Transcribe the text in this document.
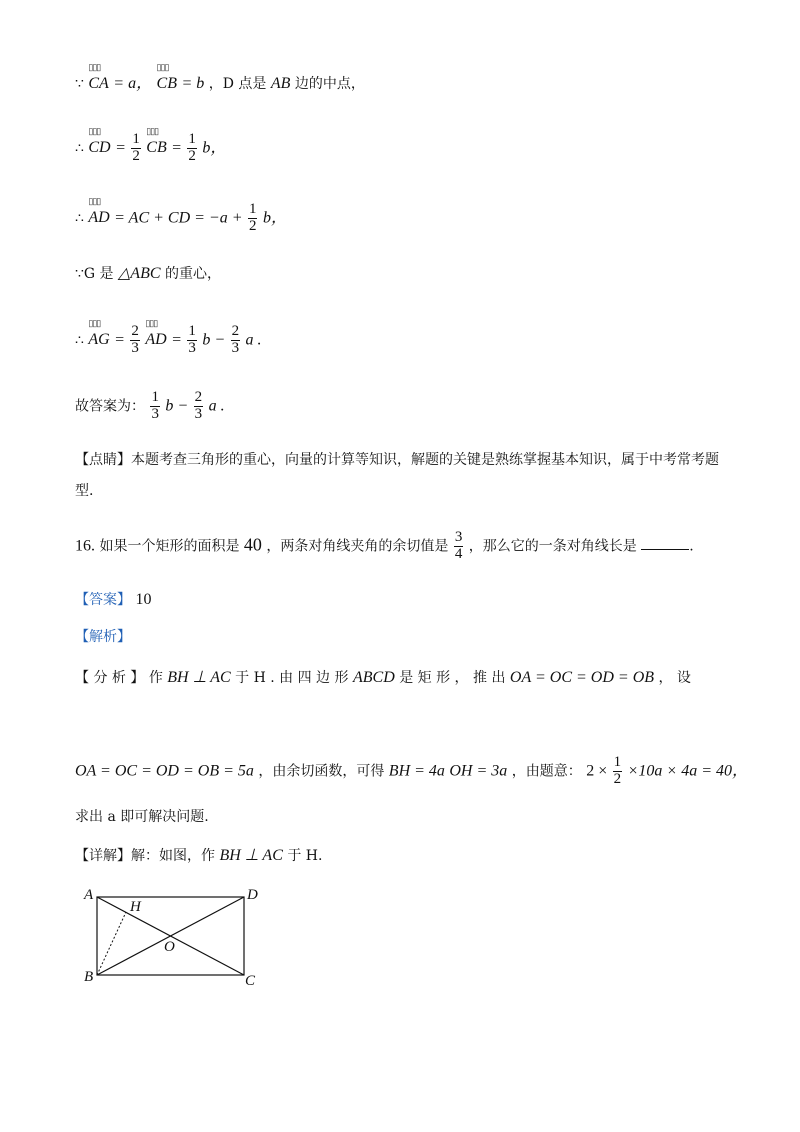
∵ ▯▯▯ CA = a， ▯▯▯ CB = b ，D 点是 AB 边的中点，
∴ ▯▯▯ CD = $\frac{1}{2}$ ▯▯▯ CB = $\frac{1}{2}$ b，
∴ ▯▯▯ AD = AC + CD = $-a + \frac{1}{2}$ b，
∵G 是 △ABC 的重心，
∴ ▯▯▯ AG = $\frac{2}{3}$ ▯▯▯ AD = $\frac{1}{3}$ $b - \frac{2}{3}$ a .
故答案为： $\frac{1}{3}$ $b - \frac{2}{3}$ a .
【点睛】本题考查三角形的重心，向量的计算等知识，解题的关键是熟练掌握基本知识，属于中考常考题
型.
16. 如果一个矩形的面积是 40 ，两条对角线夹角的余切值是 $\frac{3}{4}$ ，那么它的一条对角线长是	.
【答案】 10
【解析】
【 分 析 】 作 BH ⊥ AC 于 H . 由 四 边 形 ABCD 是 矩 形 ， 推 出 OA = OC = OD = OB ， 设
OA = OC = OD = OB = 5a ，由余切函数，可得 BH = 4a OH = 3a ，由题意： $2 \times \frac{1}{2} \times 10a \times 4a = 40$，
求出 a 即可解决问题.
【详解】解：如图，作 BH ⊥ AC 于 H.
A	D
B	C
H
O
